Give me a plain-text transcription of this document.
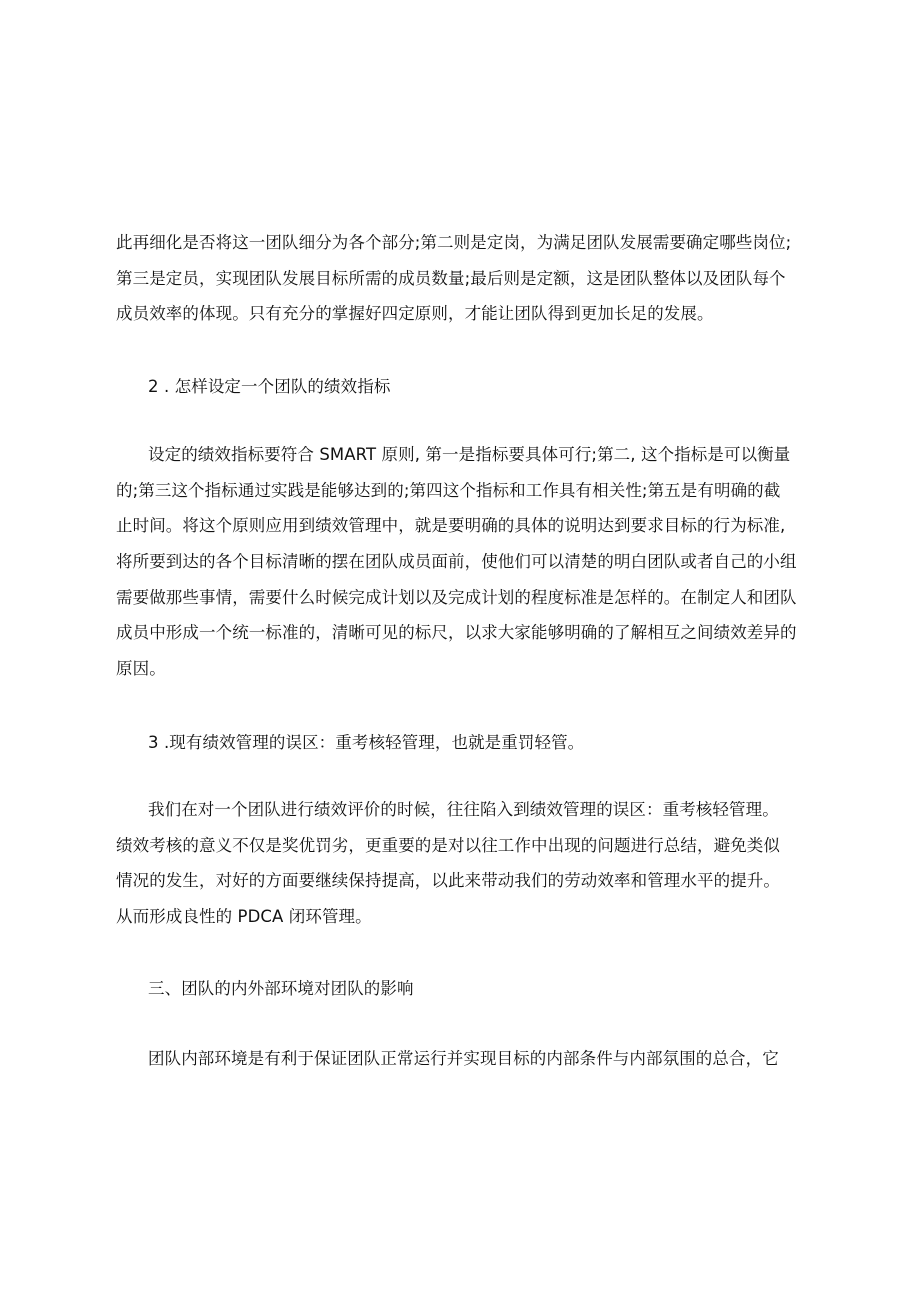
此再细化是否将这一团队细分为各个部分;第二则是定岗，为满足团队发展需要确定哪些岗位;

第三是定员，实现团队发展目标所需的成员数量;最后则是定额，这是团队整体以及团队每个

成员效率的体现。只有充分的掌握好四定原则，才能让团队得到更加长足的发展。

2 . 怎样设定一个团队的绩效指标

设定的绩效指标要符合 SMART 原则, 第一是指标要具体可行;第二, 这个指标是可以衡量

的;第三这个指标通过实践是能够达到的;第四这个指标和工作具有相关性;第五是有明确的截

止时间。将这个原则应用到绩效管理中，就是要明确的具体的说明达到要求目标的行为标准,

将所要到达的各个目标清晰的摆在团队成员面前，使他们可以清楚的明白团队或者自己的小组

需要做那些事情，需要什么时候完成计划以及完成计划的程度标准是怎样的。在制定人和团队

成员中形成一个统一标准的，清晰可见的标尺，以求大家能够明确的了解相互之间绩效差异的

原因。

3 .现有绩效管理的误区：重考核轻管理，也就是重罚轻管。

我们在对一个团队进行绩效评价的时候，往往陷入到绩效管理的误区：重考核轻管理。

绩效考核的意义不仅是奖优罚劣，更重要的是对以往工作中出现的问题进行总结，避免类似

情况的发生，对好的方面要继续保持提高，以此来带动我们的劳动效率和管理水平的提升。

从而形成良性的 PDCA 闭环管理。

三、团队的内外部环境对团队的影响

团队内部环境是有利于保证团队正常运行并实现目标的内部条件与内部氛围的总合，它
